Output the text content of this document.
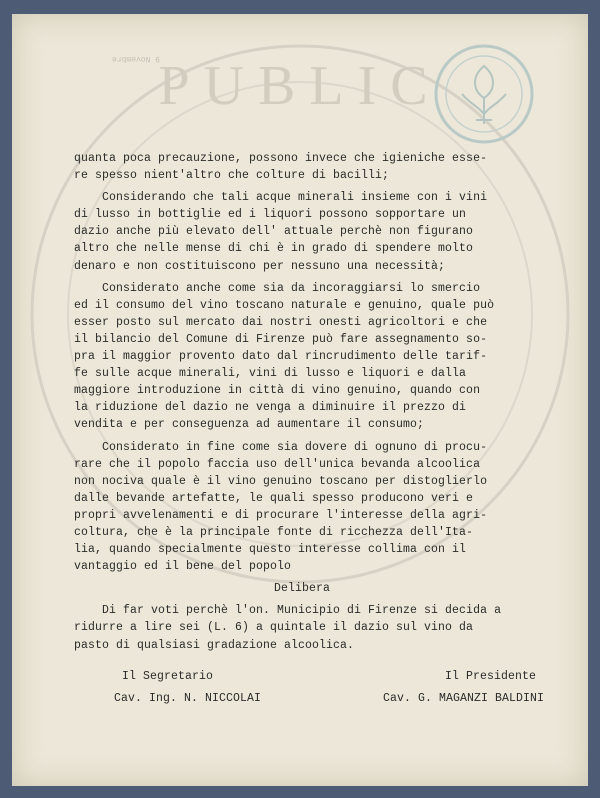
PUBLIC
9 Novembre
quanta poca precauzione, possono invece che igieniche esse-
re spesso nient'altro che colture di bacilli;
Considerando che tali acque minerali insieme con i vini
di lusso in bottiglie ed i liquori possono sopportare un
dazio anche più elevato dell' attuale perchè non figurano
altro che nelle mense di chi è in grado di spendere molto
denaro e non costituiscono per nessuno una necessità;
Considerato anche come sia da incoraggiarsi lo smercio
ed il consumo del vino toscano naturale e genuino, quale può
esser posto sul mercato dai nostri onesti agricoltori e che
il bilancio del Comune di Firenze può fare assegnamento so-
pra il maggior provento dato dal rincrudimento delle tarif-
fe sulle acque minerali, vini di lusso e liquori e dalla
maggiore introduzione in città di vino genuino, quando con
la riduzione del dazio ne venga a diminuire il prezzo di
vendita e per conseguenza ad aumentare il consumo;
Considerato in fine come sia dovere di ognuno di procu-
rare che il popolo faccia uso dell'unica bevanda alcoolica
non nociva quale è il vino genuino toscano per distoglierlo
dalle bevande artefatte, le quali spesso producono veri e
propri avvelenamenti e di procurare l'interesse della agri-
coltura, che è la principale fonte di ricchezza dell'Ita-
lia, quando specialmente questo interesse collima con il
vantaggio ed il bene del popolo
Delibera
Di far voti perchè l'on. Municipio di Firenze si decida a
ridurre a lire sei (L. 6) a quintale il dazio sul vino da
pasto di qualsiasi gradazione alcoolica.
Il Segretario	Il Presidente
Cav. Ing. N. NICCOLAI	Cav. G. MAGANZI BALDINI
